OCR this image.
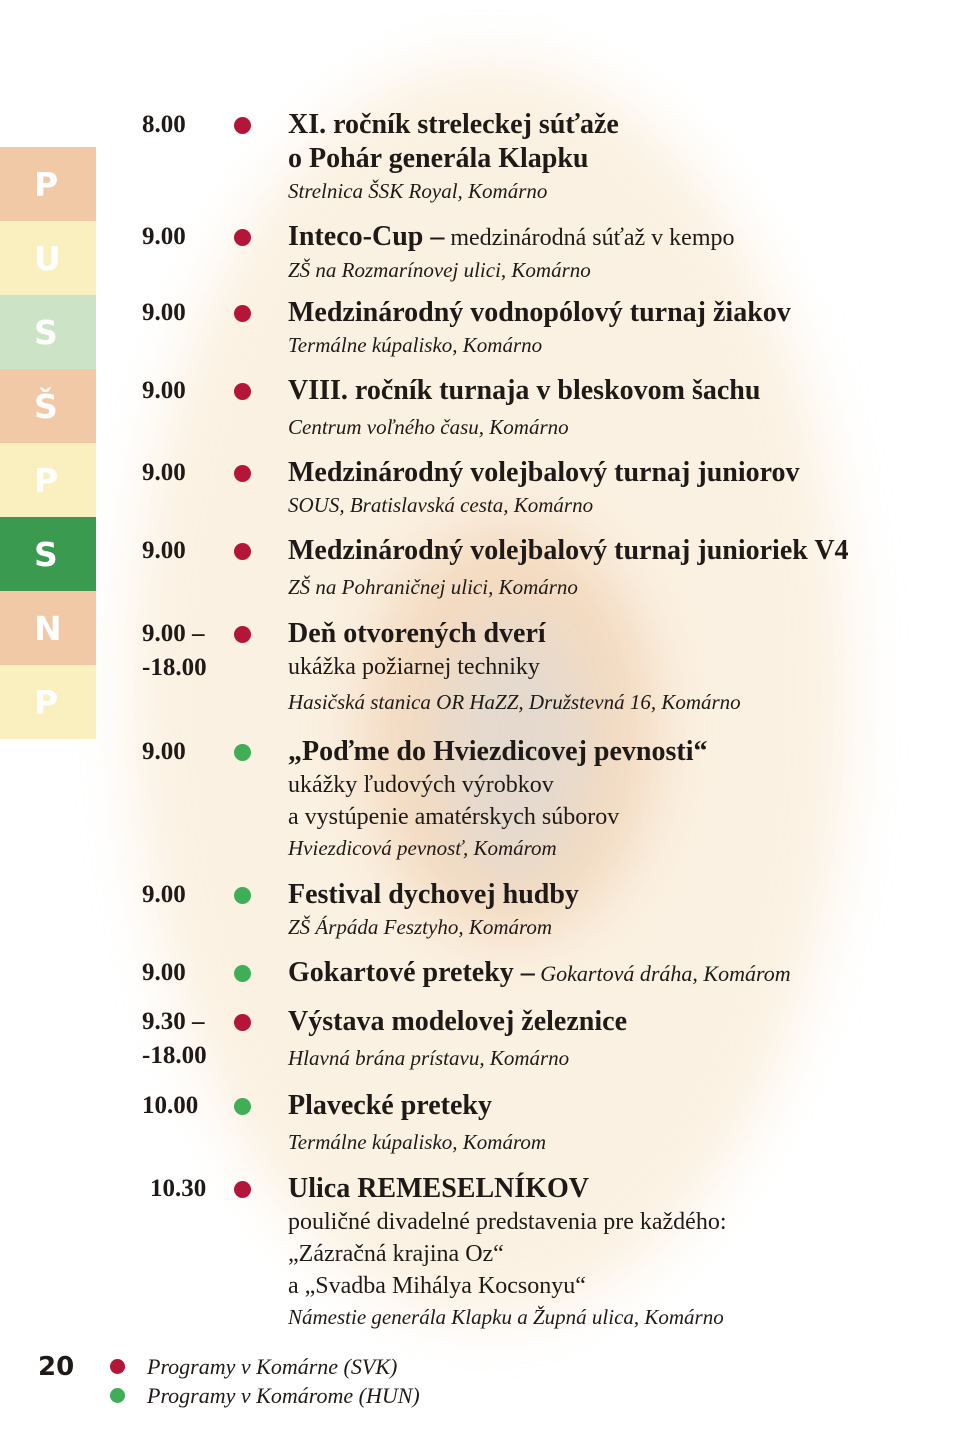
P
U
S
Š
P
S
N
P
8.00	XI. ročník streleckej súťaže
o Pohár generála Klapku
Strelnica ŠSK Royal, Komárno
9.00	Inteco-Cup – medzinárodná súťaž v kempo
ZŠ na Rozmarínovej ulici, Komárno
9.00	Medzinárodný vodnopólový turnaj žiakov
Termálne kúpalisko, Komárno
9.00	VIII. ročník turnaja v bleskovom šachu
Centrum voľného času, Komárno
9.00	Medzinárodný volejbalový turnaj juniorov
SOUS, Bratislavská cesta, Komárno
9.00	Medzinárodný volejbalový turnaj junioriek V4
ZŠ na Pohraničnej ulici, Komárno
9.00 –
-18.00
Deň otvorených dverí
ukážka požiarnej techniky
Hasičská stanica OR HaZZ, Družstevná 16, Komárno
9.00	„Poďme do Hviezdicovej pevnosti“
ukážky ľudových výrobkov
a vystúpenie amatérskych súborov
Hviezdicová pevnosť, Komárom
9.00	Festival dychovej hudby
ZŠ Árpáda Fesztyho, Komárom
9.00	Gokartové preteky – Gokartová dráha, Komárom
9.30 –
-18.00
Výstava modelovej železnice
Hlavná brána prístavu, Komárno
10.00	Plavecké preteky
Termálne kúpalisko, Komárom
10.30	Ulica REMESELNÍKOV
pouličné divadelné predstavenia pre každého:
„Zázračná krajina Oz“
a „Svadba Mihálya Kocsonyu“
Námestie generála Klapku a Župná ulica, Komárno
20	Programy v Komárne (SVK)
Programy v Komárome (HUN)
